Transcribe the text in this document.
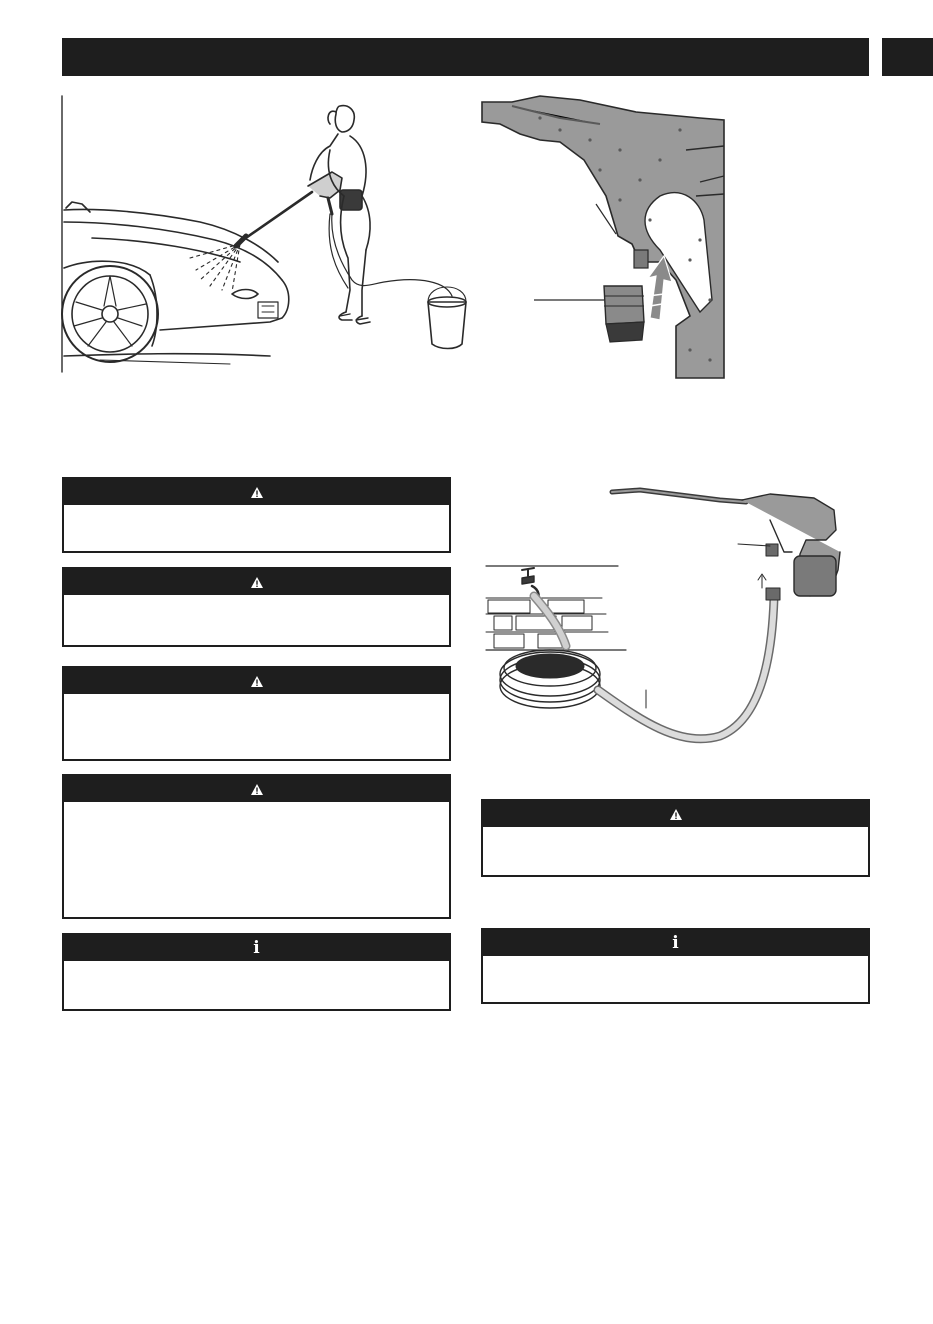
i	i
